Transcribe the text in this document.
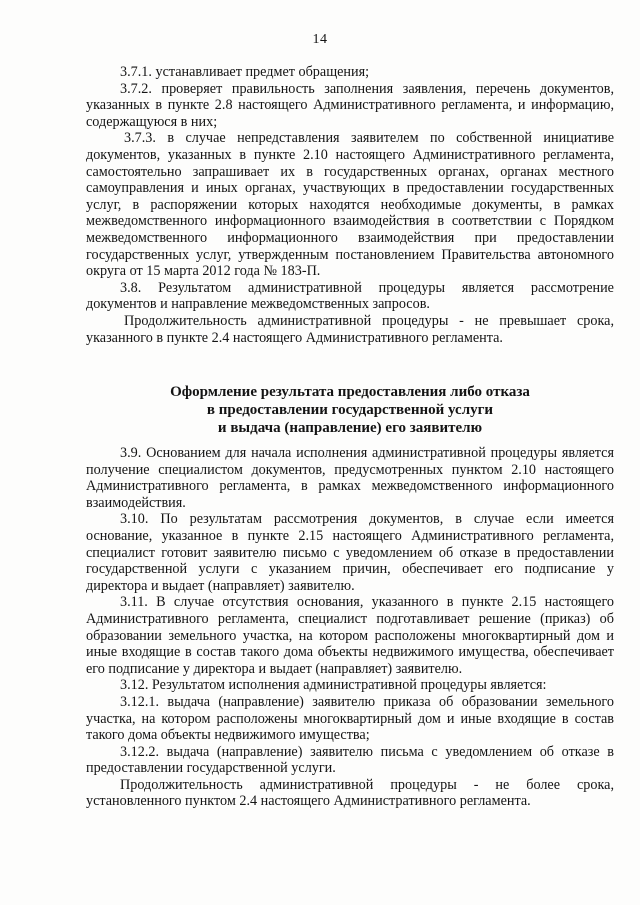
14

3.7.1. устанавливает предмет обращения;

3.7.2. проверяет правильность заполнения заявления, перечень документов, указанных в пункте 2.8 настоящего Административного регламента, и информацию, содержащуюся в них;

3.7.3. в случае непредставления заявителем по собственной инициативе документов, указанных в пункте 2.10 настоящего Административного регламента, самостоятельно запрашивает их в государственных органах, органах местного самоуправления и иных органах, участвующих в предоставлении государственных услуг, в распоряжении которых находятся необходимые документы, в рамках межведомственного информационного взаимодействия в соответствии с Порядком межведомственного информационного взаимодействия при предоставлении государственных услуг, утвержденным постановлением Правительства автономного округа от 15 марта 2012 года № 183-П.

3.8. Результатом административной процедуры является рассмотрение документов и направление межведомственных запросов.

Продолжительность административной процедуры - не превышает срока, указанного в пункте 2.4 настоящего Административного регламента.

Оформление результата предоставления либо отказа
в предоставлении государственной услуги
и выдача (направление) его заявителю

3.9. Основанием для начала исполнения административной процедуры является получение специалистом документов, предусмотренных пунктом 2.10 настоящего Административного регламента, в рамках межведомственного информационного взаимодействия.

3.10. По результатам рассмотрения документов, в случае если имеется основание, указанное в пункте 2.15 настоящего Административного регламента, специалист готовит заявителю письмо с уведомлением об отказе в предоставлении государственной услуги с указанием причин, обеспечивает его подписание у директора и выдает (направляет) заявителю.

3.11. В случае отсутствия основания, указанного в пункте 2.15 настоящего Административного регламента, специалист подготавливает решение (приказ) об образовании земельного участка, на котором расположены многоквартирный дом и иные входящие в состав такого дома объекты недвижимого имущества, обеспечивает его подписание у директора и выдает (направляет) заявителю.

3.12. Результатом исполнения административной процедуры является:

3.12.1. выдача (направление) заявителю приказа об образовании земельного участка, на котором расположены многоквартирный дом и иные входящие в состав такого дома объекты недвижимого имущества;

3.12.2. выдача (направление) заявителю письма с уведомлением об отказе в предоставлении государственной услуги.

Продолжительность административной процедуры - не более срока, установленного пунктом 2.4 настоящего Административного регламента.
